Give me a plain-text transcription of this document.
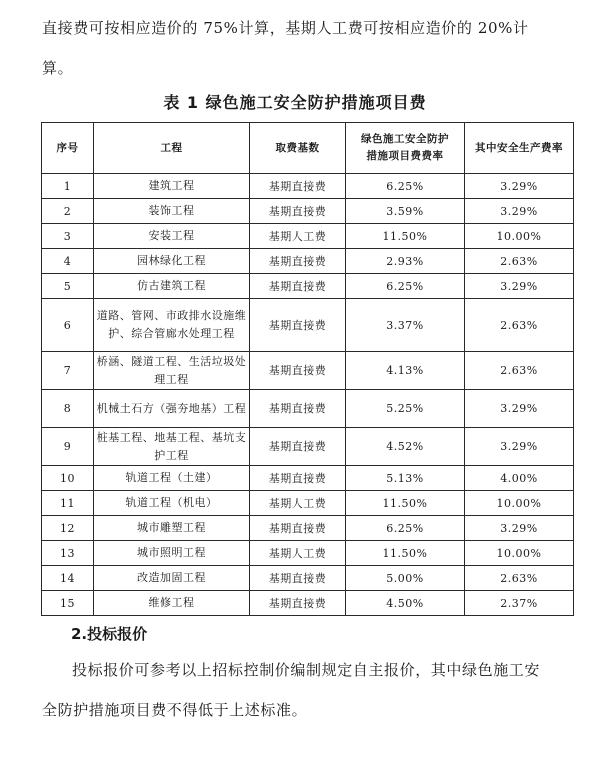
直接费可按相应造价的 75%计算，基期人工费可按相应造价的 20%计算。
表 1 绿色施工安全防护措施项目费
序号	工程	取费基数	绿色施工安全防护措施项目费费率	其中安全生产费率
1	建筑工程	基期直接费	6.25%	3.29%
2	装饰工程	基期直接费	3.59%	3.29%
3	安装工程	基期人工费	11.50%	10.00%
4	园林绿化工程	基期直接费	2.93%	2.63%
5	仿古建筑工程	基期直接费	6.25%	3.29%
6	道路、管网、市政排水设施维护、综合管廊水处理工程	基期直接费	3.37%	2.63%
7	桥涵、隧道工程、生活垃圾处理工程	基期直接费	4.13%	2.63%
8	机械土石方（强夯地基）工程	基期直接费	5.25%	3.29%
9	桩基工程、地基工程、基坑支护工程	基期直接费	4.52%	3.29%
10	轨道工程（土建）	基期直接费	5.13%	4.00%
11	轨道工程（机电）	基期人工费	11.50%	10.00%
12	城市雕塑工程	基期直接费	6.25%	3.29%
13	城市照明工程	基期人工费	11.50%	10.00%
14	改造加固工程	基期直接费	5.00%	2.63%
15	维修工程	基期直接费	4.50%	2.37%
2.投标报价
投标报价可参考以上招标控制价编制规定自主报价，其中绿色施工安全防护措施项目费不得低于上述标准。
